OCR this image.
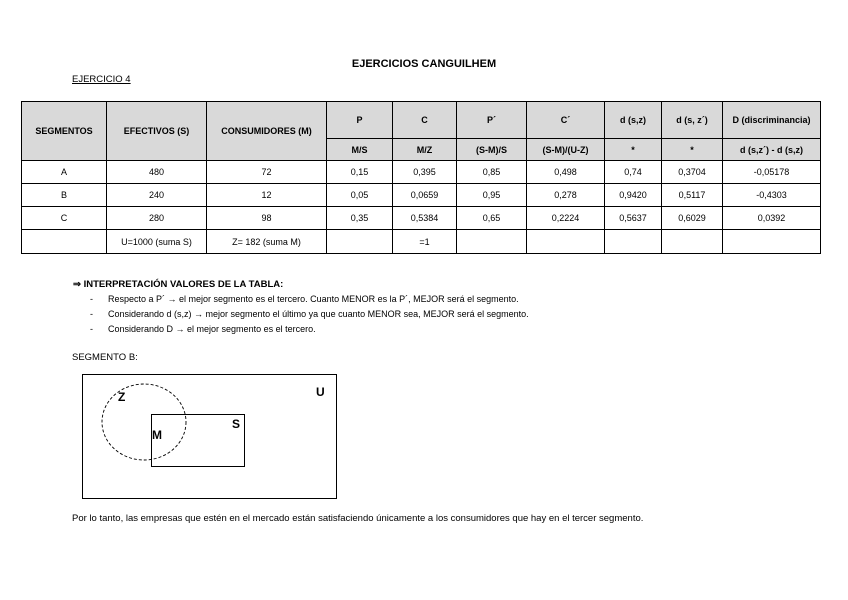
EJERCICIOS CANGUILHEM
EJERCICIO 4
SEGMENTOS	EFECTIVOS (S)	CONSUMIDORES (M)	P	C	P´	C´	d (s,z)	d (s, z´)	D (discriminancia)
			M/S	M/Z	(S-M)/S	(S-M)/(U-Z)	*	*	d (s,z´) - d (s,z)
A	480	72	0,15	0,395	0,85	0,498	0,74	0,3704	-0,05178
B	240	12	0,05	0,0659	0,95	0,278	0,9420	0,5117	-0,4303
C	280	98	0,35	0,5384	0,65	0,2224	0,5637	0,6029	0,0392
	U=1000 (suma S)	Z= 182 (suma M)		=1					
⇒ INTERPRETACIÓN VALORES DE LA TABLA:
- Respecto a P´ → el mejor segmento es el tercero. Cuanto MENOR es la P´, MEJOR será el segmento.
- Considerando d (s,z) → mejor segmento el último ya que cuanto MENOR sea, MEJOR será el segmento.
- Considerando D → el mejor segmento es el tercero.
SEGMENTO B:
U
Z
M
S
Por lo tanto, las empresas que estén en el mercado están satisfaciendo únicamente a los consumidores que hay en el tercer segmento.
